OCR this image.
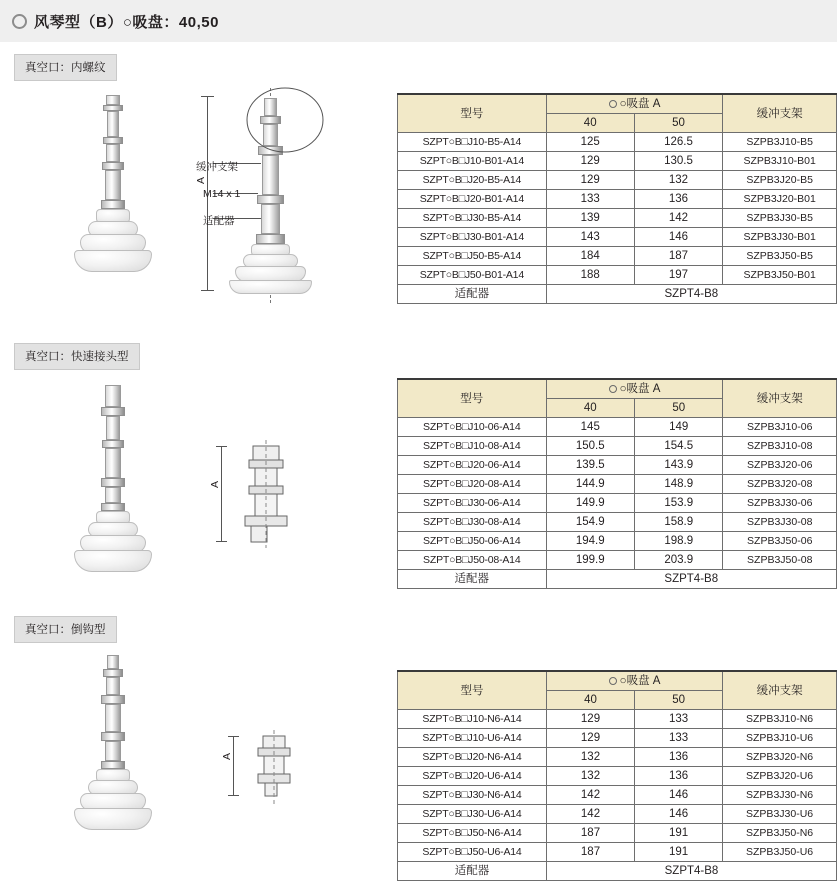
风琴型（B）○吸盘：40,50
真空口：内螺纹
A
缓冲支架
M14 x 1
适配器
型号	○吸盘 A		缓冲支架
	40	50	
SZPT○B□J10-B5-A14	125	126.5	SZPB3J10-B5
SZPT○B□J10-B01-A14	129	130.5	SZPB3J10-B01
SZPT○B□J20-B5-A14	129	132	SZPB3J20-B5
SZPT○B□J20-B01-A14	133	136	SZPB3J20-B01
SZPT○B□J30-B5-A14	139	142	SZPB3J30-B5
SZPT○B□J30-B01-A14	143	146	SZPB3J30-B01
SZPT○B□J50-B5-A14	184	187	SZPB3J50-B5
SZPT○B□J50-B01-A14	188	197	SZPB3J50-B01
适配器	SZPT4-B8		
真空口：快速接头型
A
型号	○吸盘 A		缓冲支架
	40	50	
SZPT○B□J10-06-A14	145	149	SZPB3J10-06
SZPT○B□J10-08-A14	150.5	154.5	SZPB3J10-08
SZPT○B□J20-06-A14	139.5	143.9	SZPB3J20-06
SZPT○B□J20-08-A14	144.9	148.9	SZPB3J20-08
SZPT○B□J30-06-A14	149.9	153.9	SZPB3J30-06
SZPT○B□J30-08-A14	154.9	158.9	SZPB3J30-08
SZPT○B□J50-06-A14	194.9	198.9	SZPB3J50-06
SZPT○B□J50-08-A14	199.9	203.9	SZPB3J50-08
适配器	SZPT4-B8		
真空口：倒钩型
A
型号	○吸盘 A		缓冲支架
	40	50	
SZPT○B□J10-N6-A14	129	133	SZPB3J10-N6
SZPT○B□J10-U6-A14	129	133	SZPB3J10-U6
SZPT○B□J20-N6-A14	132	136	SZPB3J20-N6
SZPT○B□J20-U6-A14	132	136	SZPB3J20-U6
SZPT○B□J30-N6-A14	142	146	SZPB3J30-N6
SZPT○B□J30-U6-A14	142	146	SZPB3J30-U6
SZPT○B□J50-N6-A14	187	191	SZPB3J50-N6
SZPT○B□J50-U6-A14	187	191	SZPB3J50-U6
适配器	SZPT4-B8		
